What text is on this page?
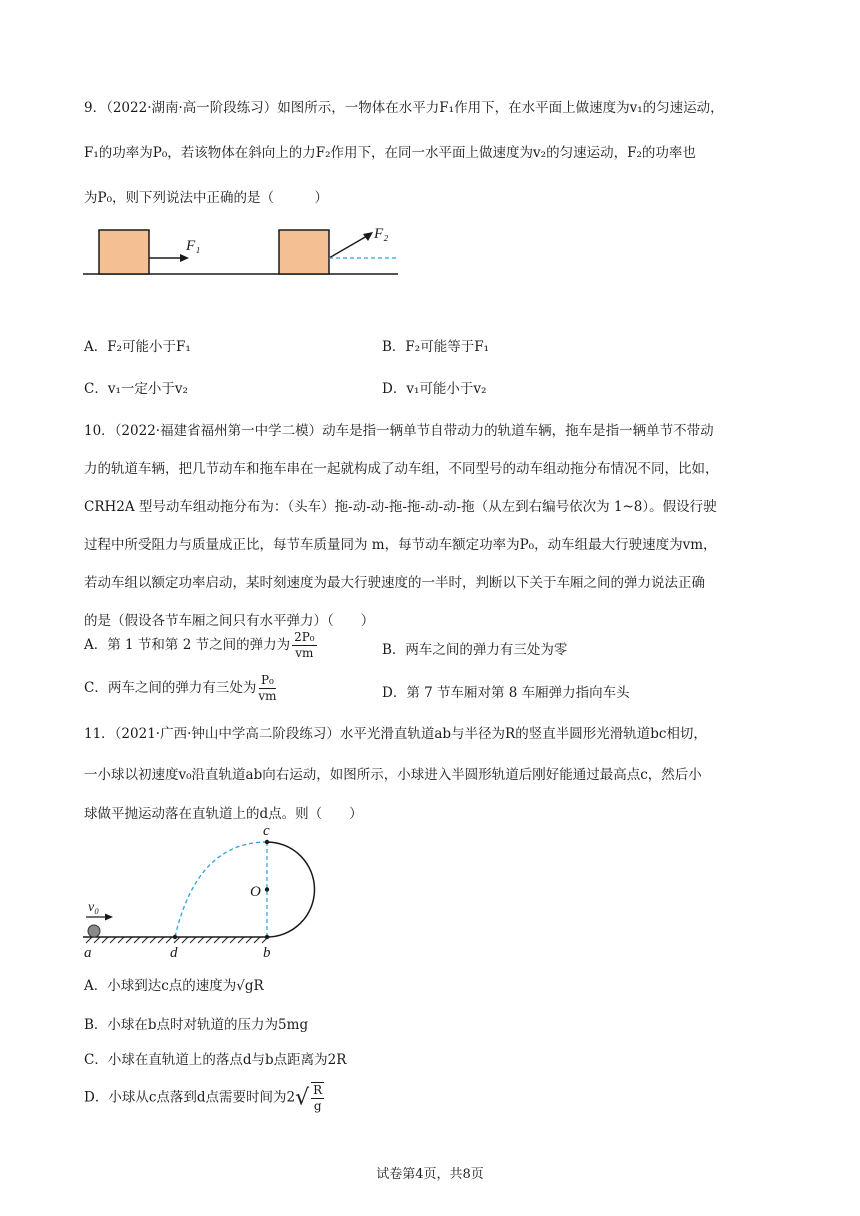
9．（2022·湖南·高一阶段练习）如图所示，一物体在水平力F₁作用下，在水平面上做速度为v₁的匀速运动，
F₁的功率为P₀，若该物体在斜向上的力F₂作用下，在同一水平面上做速度为v₂的匀速运动，F₂的功率也
为P₀，则下列说法中正确的是（　　　）
F₁
F₂
A．F₂可能小于F₁	B．F₂可能等于F₁
C．v₁一定小于v₂	D．v₁可能小于v₂
10．（2022·福建省福州第一中学二模）动车是指一辆单节自带动力的轨道车辆，拖车是指一辆单节不带动
力的轨道车辆，把几节动车和拖车串在一起就构成了动车组，不同型号的动车组动拖分布情况不同，比如，
CRH2A 型号动车组动拖分布为：（头车）拖-动-动-拖-拖-动-动-拖（从左到右编号依次为 1~8）。假设行驶
过程中所受阻力与质量成正比，每节车质量同为 m，每节动车额定功率为P₀，动车组最大行驶速度为vm，
若动车组以额定功率启动，某时刻速度为最大行驶速度的一半时，判断以下关于车厢之间的弹力说法正确
的是（假设各节车厢之间只有水平弹力）（　　）
A．第 1 节和第 2 节之间的弹力为 $\frac{\text{2P₀}}{vm}$	B．两车之间的弹力有三处为零
C．两车之间的弹力有三处为 $\frac{\text{P₀}}{vm}$	D．第 7 节车厢对第 8 车厢弹力指向车头
11．（2021·广西·钟山中学高二阶段练习）水平光滑直轨道ab与半径为R的竖直半圆形光滑轨道bc相切，
一小球以初速度v₀沿直轨道ab向右运动，如图所示，小球进入半圆形轨道后刚好能通过最高点c，然后小
球做平抛运动落在直轨道上的d点。则（　　）
c
O
v₀
a	d	b
A．小球到达c点的速度为√gR
B．小球在b点时对轨道的压力为5mg
C．小球在直轨道上的落点d与b点距离为2R
D．小球从c点落到d点需要时间为$2√ \frac{R}{g}$
试卷第4页，共8页
